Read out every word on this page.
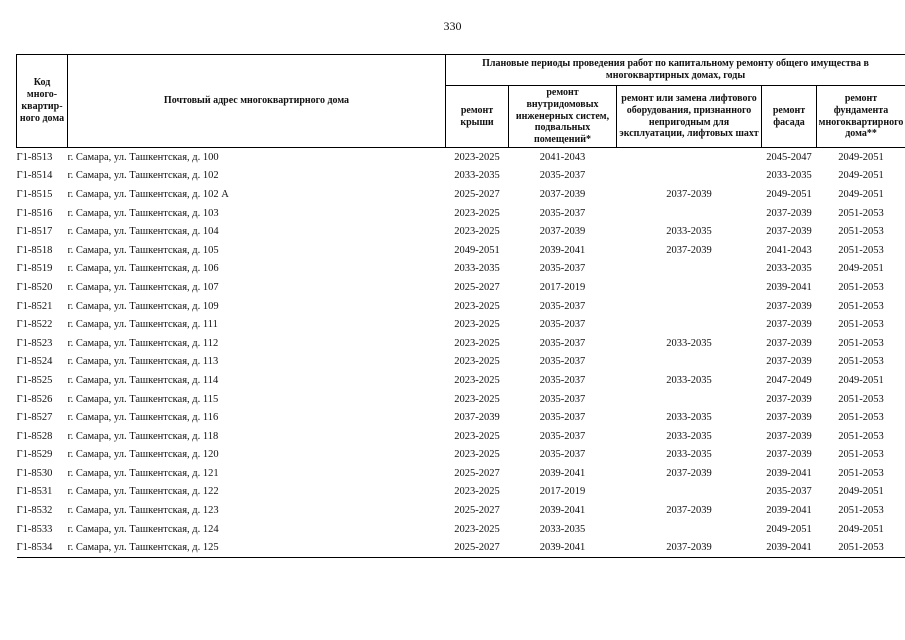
330
Код много-квартир-ного дома	Почтовый адрес многоквартирного дома	Плановые периоды проведения работ по капитальному ремонту общего имущества в многоквартирных домах, годы				
		ремонт крыши	ремонт внутридомовых инженерных систем, подвальных помещений*	ремонт или замена лифтового оборудования, признанного непригодным для эксплуатации, лифтовых шахт	ремонт фасада	ремонт фундамента многоквартирного дома**
Г1-8513	г. Самара, ул. Ташкентская, д. 100	2023-2025	2041-2043		2045-2047	2049-2051
Г1-8514	г. Самара, ул. Ташкентская, д. 102	2033-2035	2035-2037		2033-2035	2049-2051
Г1-8515	г. Самара, ул. Ташкентская, д. 102 А	2025-2027	2037-2039	2037-2039	2049-2051	2049-2051
Г1-8516	г. Самара, ул. Ташкентская, д. 103	2023-2025	2035-2037		2037-2039	2051-2053
Г1-8517	г. Самара, ул. Ташкентская, д. 104	2023-2025	2037-2039	2033-2035	2037-2039	2051-2053
Г1-8518	г. Самара, ул. Ташкентская, д. 105	2049-2051	2039-2041	2037-2039	2041-2043	2051-2053
Г1-8519	г. Самара, ул. Ташкентская, д. 106	2033-2035	2035-2037		2033-2035	2049-2051
Г1-8520	г. Самара, ул. Ташкентская, д. 107	2025-2027	2017-2019		2039-2041	2051-2053
Г1-8521	г. Самара, ул. Ташкентская, д. 109	2023-2025	2035-2037		2037-2039	2051-2053
Г1-8522	г. Самара, ул. Ташкентская, д. 111	2023-2025	2035-2037		2037-2039	2051-2053
Г1-8523	г. Самара, ул. Ташкентская, д. 112	2023-2025	2035-2037	2033-2035	2037-2039	2051-2053
Г1-8524	г. Самара, ул. Ташкентская, д. 113	2023-2025	2035-2037		2037-2039	2051-2053
Г1-8525	г. Самара, ул. Ташкентская, д. 114	2023-2025	2035-2037	2033-2035	2047-2049	2049-2051
Г1-8526	г. Самара, ул. Ташкентская, д. 115	2023-2025	2035-2037		2037-2039	2051-2053
Г1-8527	г. Самара, ул. Ташкентская, д. 116	2037-2039	2035-2037	2033-2035	2037-2039	2051-2053
Г1-8528	г. Самара, ул. Ташкентская, д. 118	2023-2025	2035-2037	2033-2035	2037-2039	2051-2053
Г1-8529	г. Самара, ул. Ташкентская, д. 120	2023-2025	2035-2037	2033-2035	2037-2039	2051-2053
Г1-8530	г. Самара, ул. Ташкентская, д. 121	2025-2027	2039-2041	2037-2039	2039-2041	2051-2053
Г1-8531	г. Самара, ул. Ташкентская, д. 122	2023-2025	2017-2019		2035-2037	2049-2051
Г1-8532	г. Самара, ул. Ташкентская, д. 123	2025-2027	2039-2041	2037-2039	2039-2041	2051-2053
Г1-8533	г. Самара, ул. Ташкентская, д. 124	2023-2025	2033-2035		2049-2051	2049-2051
Г1-8534	г. Самара, ул. Ташкентская, д. 125	2025-2027	2039-2041	2037-2039	2039-2041	2051-2053
